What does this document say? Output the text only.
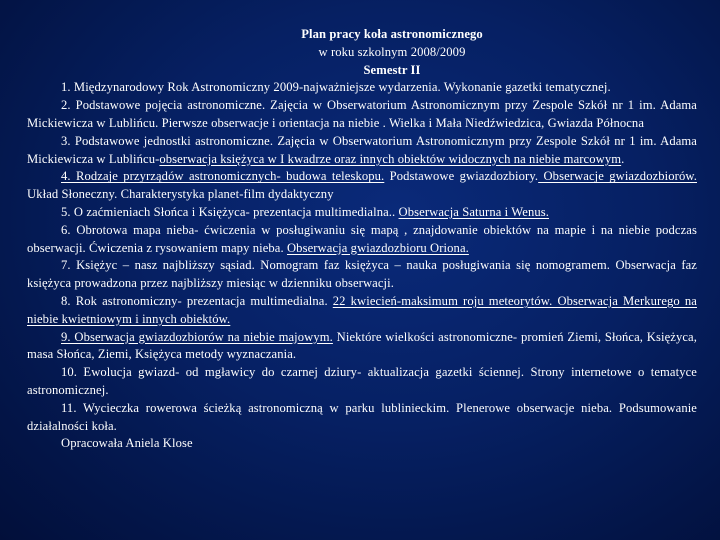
Plan pracy koła astronomicznego
w roku szkolnym 2008/2009
Semestr II
1. Międzynarodowy Rok Astronomiczny 2009-najważniejsze wydarzenia. Wykonanie gazetki tematycznej.
2. Podstawowe pojęcia astronomiczne. Zajęcia w Obserwatorium Astronomicznym przy Zespole Szkół nr 1 im. Adama Mickiewicza w Lublińcu. Pierwsze obserwacje i orientacja na niebie . Wielka i Mała Niedźwiedzica, Gwiazda Północna
3. Podstawowe jednostki astronomiczne. Zajęcia w Obserwatorium Astronomicznym przy Zespole Szkół nr 1 im. Adama Mickiewicza w Lublińcu-obserwacja księżyca w I kwadrze oraz innych obiektów widocznych na niebie marcowym.
4. Rodzaje przyrządów astronomicznych- budowa teleskopu. Podstawowe gwiazdozbiory. Obserwacje gwiazdozbiorów. Układ Słoneczny. Charakterystyka planet-film dydaktyczny
5. O zaćmieniach Słońca i Księżyca- prezentacja multimedialna.. Obserwacja Saturna i Wenus.
6. Obrotowa mapa nieba- ćwiczenia w posługiwaniu się mapą , znajdowanie obiektów na mapie i na niebie podczas obserwacji. Ćwiczenia z rysowaniem mapy nieba. Obserwacja gwiazdozbioru Oriona.
7. Księżyc – nasz najbliższy sąsiad. Nomogram faz księżyca – nauka posługiwania się nomogramem. Obserwacja faz księżyca prowadzona przez najbliższy miesiąc w dzienniku obserwacji.
8. Rok astronomiczny- prezentacja multimedialna. 22 kwiecień-maksimum roju meteorytów. Obserwacja Merkurego na niebie kwietniowym i innych obiektów.
9. Obserwacja gwiazdozbiorów na niebie majowym. Niektóre wielkości astronomiczne- promień Ziemi, Słońca, Księżyca, masa Słońca, Ziemi, Księżyca metody wyznaczania.
10. Ewolucja gwiazd- od mgławicy do czarnej dziury- aktualizacja gazetki ściennej. Strony internetowe o tematyce astronomicznej.
11. Wycieczka rowerowa ścieżką astronomiczną w parku lublinieckim. Plenerowe obserwacje nieba. Podsumowanie działalności koła.
Opracowała Aniela Klose
